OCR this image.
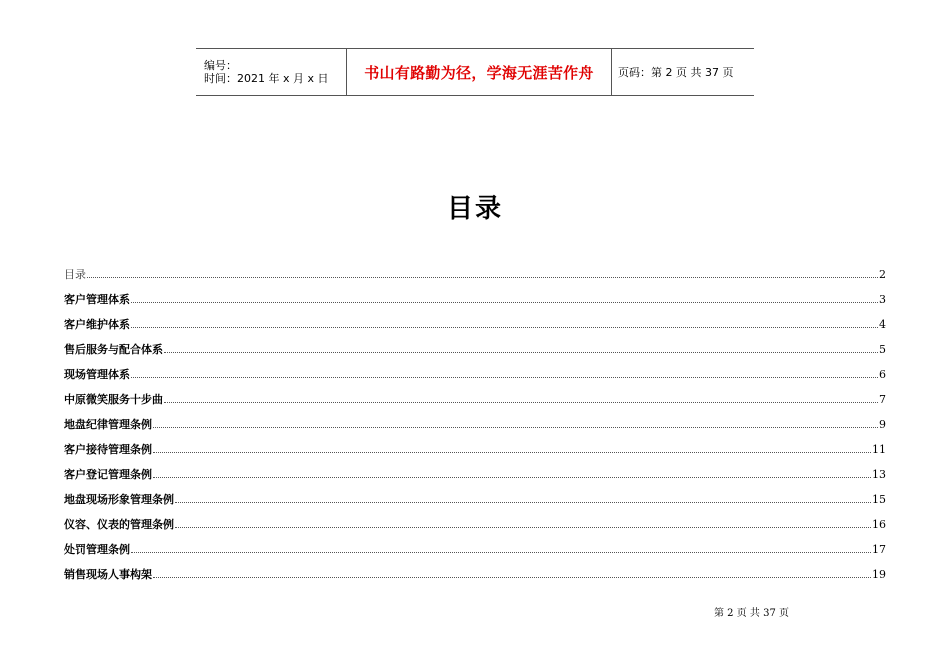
编号：
时间：2021 年 x 月 x 日	书山有路勤为径，学海无涯苦作舟	页码：第 2 页 共 37 页
目录
目录	2
客户管理体系	3
客户维护体系	4
售后服务与配合体系	5
现场管理体系	6
中原微笑服务十步曲	7
地盘纪律管理条例	9
客户接待管理条例	11
客户登记管理条例	13
地盘现场形象管理条例	15
仪容、仪表的管理条例	16
处罚管理条例	17
销售现场人事构架	19
第 2 页 共 37 页
